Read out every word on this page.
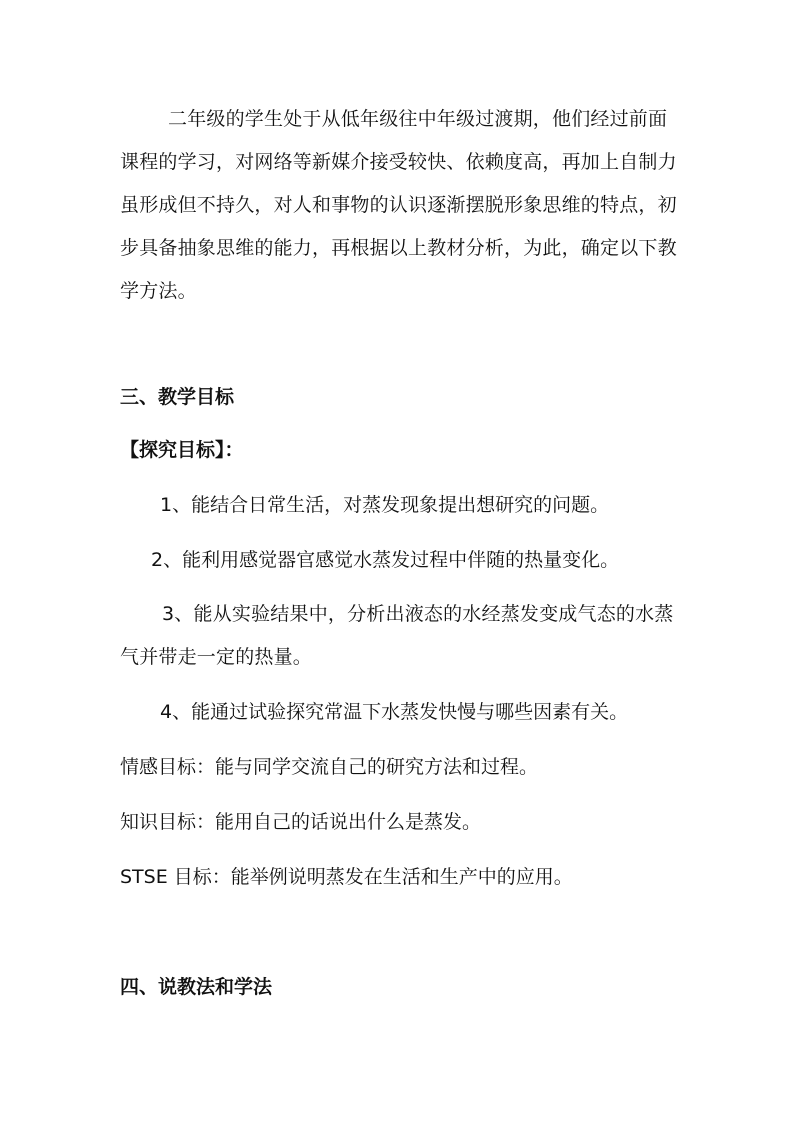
二年级的学生处于从低年级往中年级过渡期，他们经过前面课程的学习，对网络等新媒介接受较快、依赖度高，再加上自制力虽形成但不持久，对人和事物的认识逐渐摆脱形象思维的特点，初步具备抽象思维的能力，再根据以上教材分析，为此，确定以下教学方法。

三、教学目标
【探究目标】：
1、能结合日常生活，对蒸发现象提出想研究的问题。
2、能利用感觉器官感觉水蒸发过程中伴随的热量变化。

3、能从实验结果中，分析出液态的水经蒸发变成气态的水蒸气并带走一定的热量。

4、能通过试验探究常温下水蒸发快慢与哪些因素有关。
情感目标：能与同学交流自己的研究方法和过程。
知识目标：能用自己的话说出什么是蒸发。
STSE 目标：能举例说明蒸发在生活和生产中的应用。
四、说教法和学法
